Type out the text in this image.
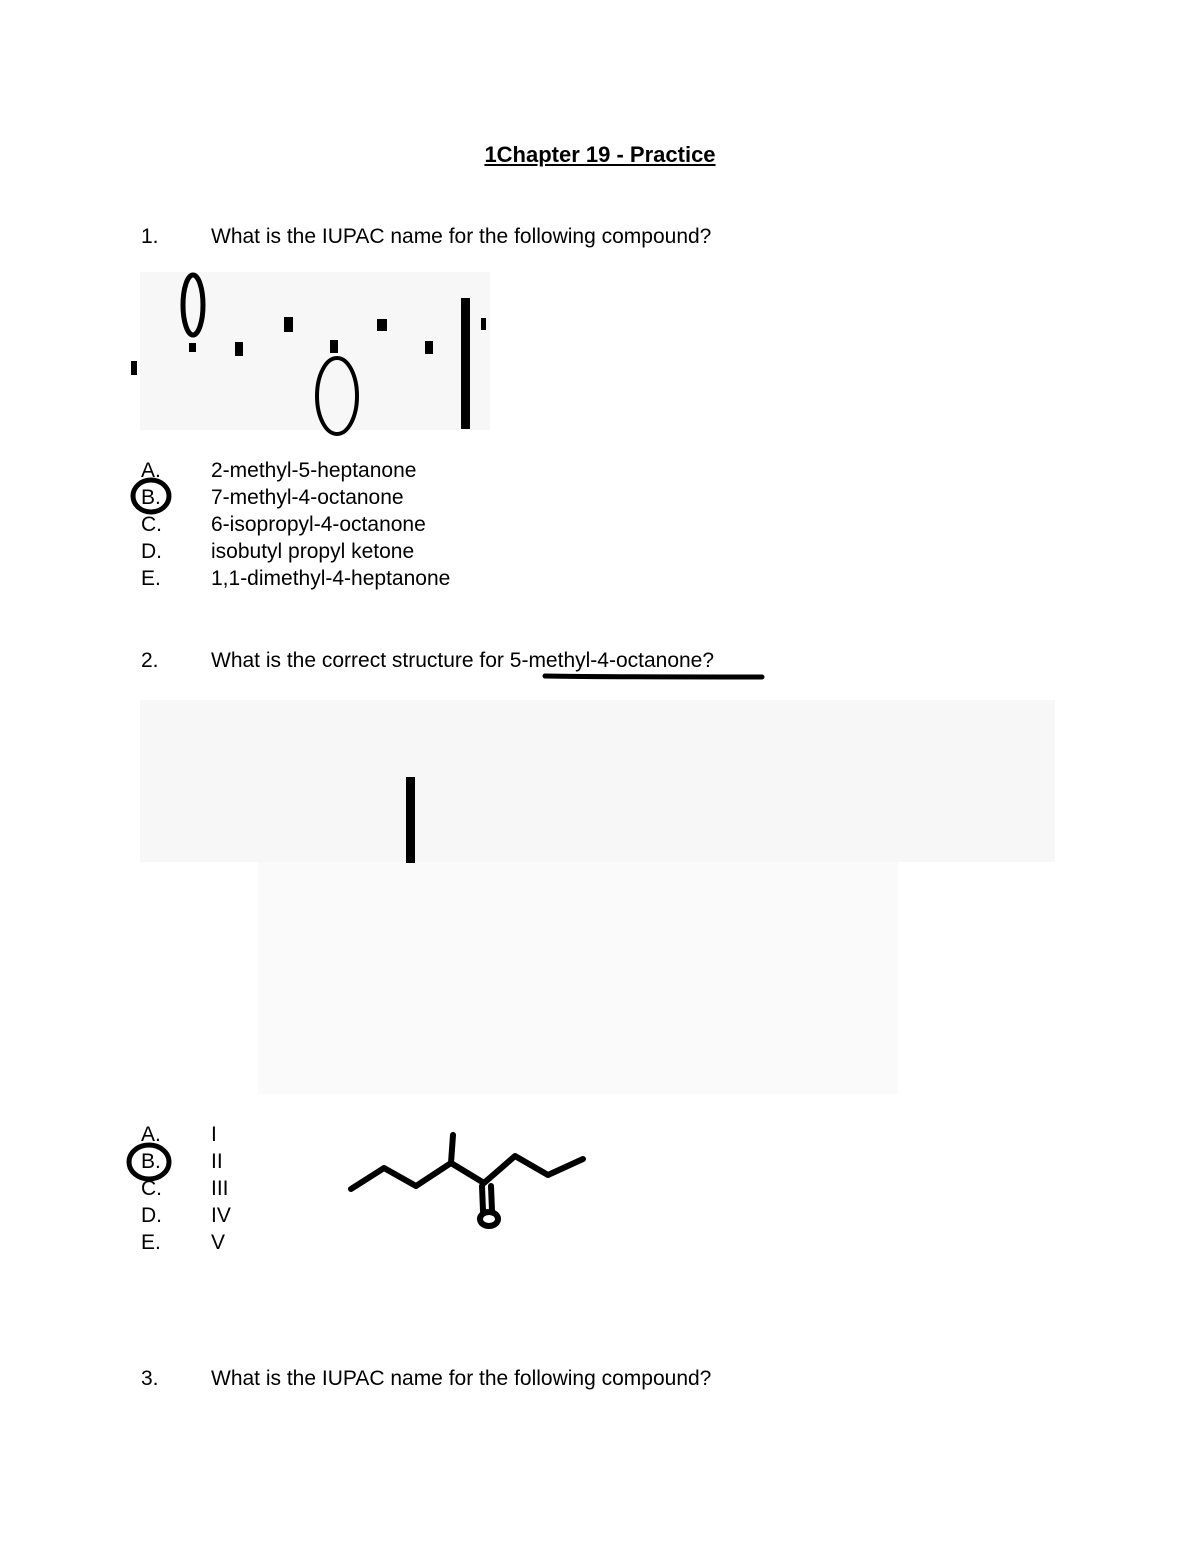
1Chapter 19 - Practice
1. What is the IUPAC name for the following compound?
A. 2-methyl-5-heptanone
B. 7-methyl-4-octanone
C. 6-isopropyl-4-octanone
D. isobutyl propyl ketone
E. 1,1-dimethyl-4-heptanone
2. What is the correct structure for 5-methyl-4-octanone?
A. I
B. II
C. III
D. IV
E. V
3. What is the IUPAC name for the following compound?
